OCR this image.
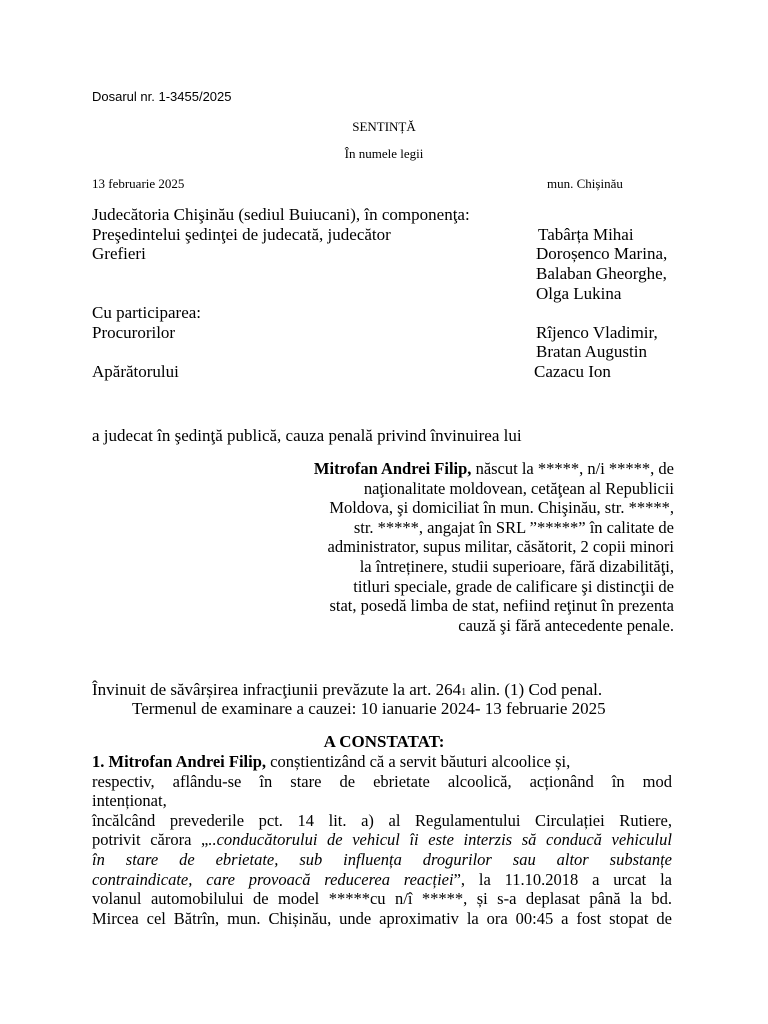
Dosarul nr. 1-3455/2025
SENTINȚĂ
În numele legii
13 februarie 2025	mun. Chișinău
Judecătoria Chişinău (sediul Buiucani), în componenţa:
Preşedintelui şedinţei de judecată, judecător	Tabârța Mihai
Grefieri	Doroșenco Marina,
Balaban Gheorghe,
Olga Lukina
Cu participarea:
Procurorilor	Rîjenco Vladimir,
Bratan Augustin
Apărătorului	Cazacu Ion
a judecat în şedinţă publică, cauza penală privind învinuirea lui
Mitrofan Andrei Filip, născut la *****, n/i *****, de
naţionalitate moldovean, cetăţean al Republicii
Moldova, şi domiciliat în mun. Chişinău, str. *****,
str. *****, angajat în SRL ”*****” în calitate de
administrator, supus militar, căsătorit, 2 copii minori
la întreținere, studii superioare, fără dizabilităţi,
titluri speciale, grade de calificare şi distincţii de
stat, posedă limba de stat, nefiind reţinut în prezenta
cauză şi fără antecedente penale.
Învinuit de săvârșirea infracţiunii prevăzute la art. 2641 alin. (1) Cod penal.
Termenul de examinare a cauzei: 10 ianuarie 2024- 13 februarie 2025
A CONSTATAT:
1. Mitrofan Andrei Filip, conștientizând că a servit băuturi alcoolice și,
respectiv, aflându-se în stare de ebrietate alcoolică, acționând în mod
intenționat,
încălcând prevederile pct. 14 lit. a) al Regulamentului Circulației Rutiere,
potrivit cărora „..conducătorului de vehicul îi este interzis să conducă vehiculul
în stare de ebrietate, sub influența drogurilor sau altor substanțe
contraindicate, care provoacă reducerea reacției”, la 11.10.2018 a urcat la
volanul automobilului de model *****cu n/î *****, și s-a deplasat până la bd.
Mircea cel Bătrîn, mun. Chișinău, unde aproximativ la ora 00:45 a fost stopat de
